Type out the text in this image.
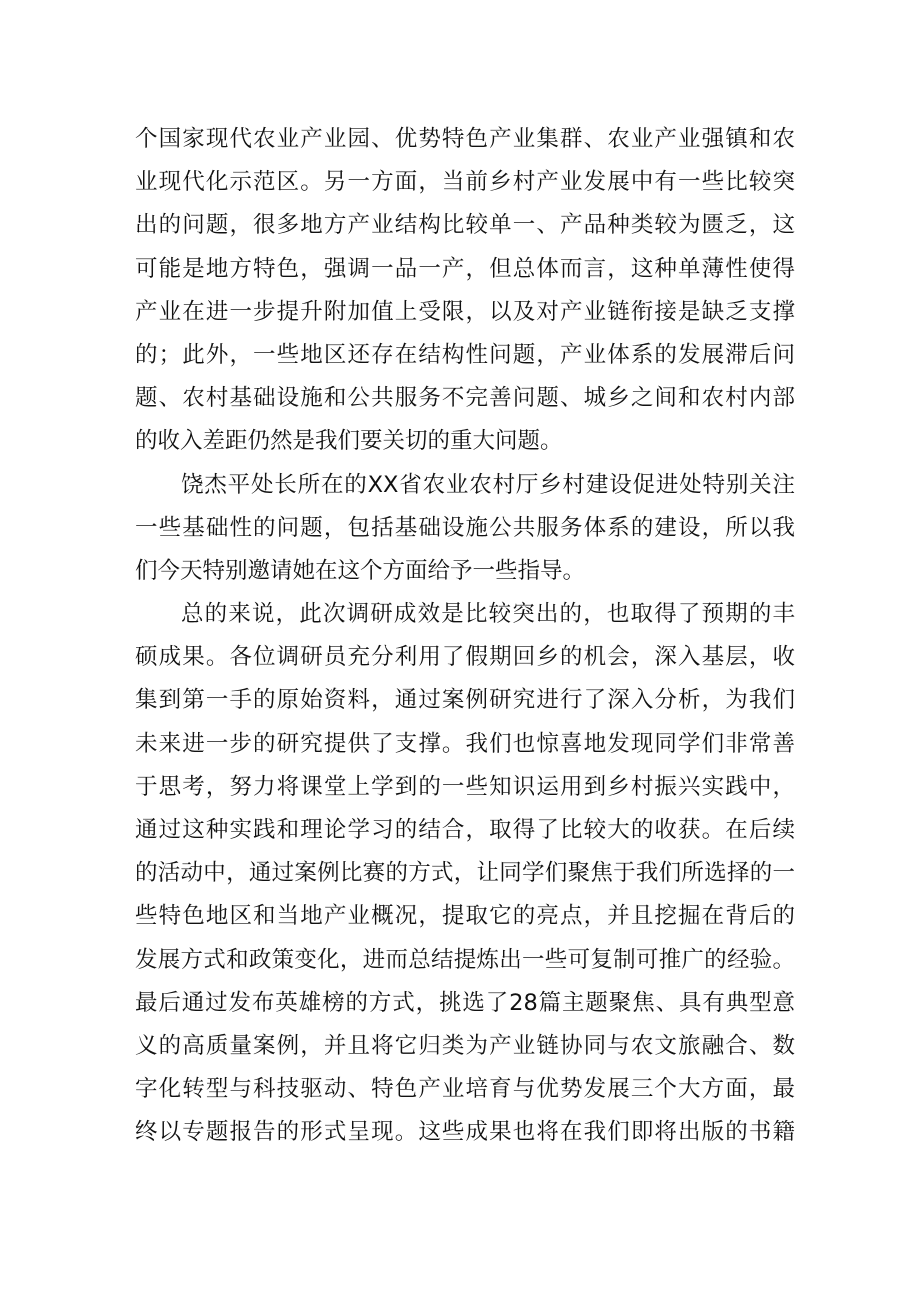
个国家现代农业产业园、优势特色产业集群、农业产业强镇和农
业现代化示范区。另一方面，当前乡村产业发展中有一些比较突
出的问题，很多地方产业结构比较单一、产品种类较为匮乏，这
可能是地方特色，强调一品一产，但总体而言，这种单薄性使得
产业在进一步提升附加值上受限，以及对产业链衔接是缺乏支撑
的；此外，一些地区还存在结构性问题，产业体系的发展滞后问
题、农村基础设施和公共服务不完善问题、城乡之间和农村内部
的收入差距仍然是我们要关切的重大问题。
饶杰平处长所在的XX省农业农村厅乡村建设促进处特别关注
一些基础性的问题，包括基础设施公共服务体系的建设，所以我
们今天特别邀请她在这个方面给予一些指导。
总的来说，此次调研成效是比较突出的，也取得了预期的丰
硕成果。各位调研员充分利用了假期回乡的机会，深入基层，收
集到第一手的原始资料，通过案例研究进行了深入分析，为我们
未来进一步的研究提供了支撑。我们也惊喜地发现同学们非常善
于思考，努力将课堂上学到的一些知识运用到乡村振兴实践中，
通过这种实践和理论学习的结合，取得了比较大的收获。在后续
的活动中，通过案例比赛的方式，让同学们聚焦于我们所选择的一
些特色地区和当地产业概况，提取它的亮点，并且挖掘在背后的
发展方式和政策变化，进而总结提炼出一些可复制可推广的经验。
最后通过发布英雄榜的方式，挑选了28篇主题聚焦、具有典型意
义的高质量案例，并且将它归类为产业链协同与农文旅融合、数
字化转型与科技驱动、特色产业培育与优势发展三个大方面，最
终以专题报告的形式呈现。这些成果也将在我们即将出版的书籍
